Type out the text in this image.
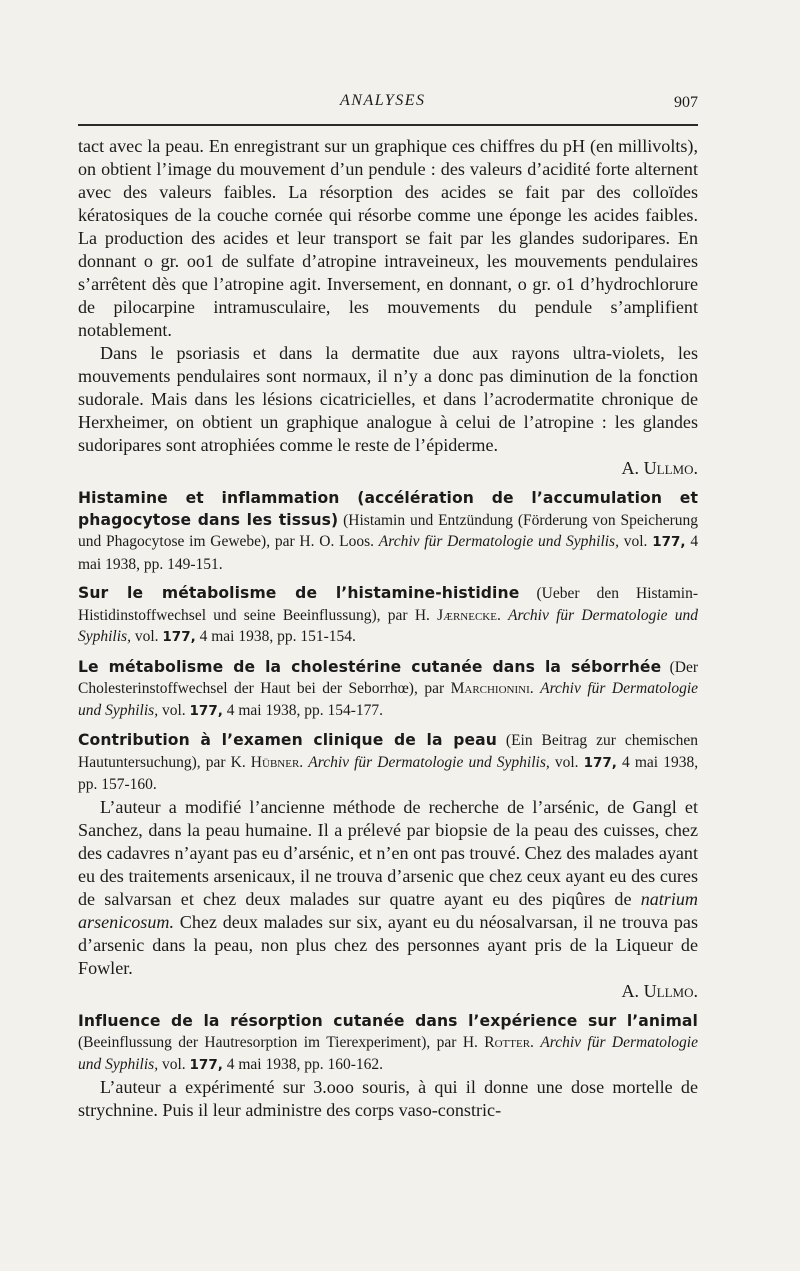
ANALYSES	907

tact avec la peau. En enregistrant sur un graphique ces chiffres du pH (en millivolts), on obtient l’image du mouvement d’un pendule : des valeurs d’acidité forte alternent avec des valeurs faibles. La résorption des acides se fait par des colloïdes kératosiques de la couche cornée qui résorbe comme une éponge les acides faibles. La production des acides et leur transport se fait par les glandes sudoripares. En donnant o gr. oo1 de sulfate d’atropine intraveineux, les mouvements pendulaires s’arrêtent dès que l’atropine agit. Inversement, en donnant, o gr. o1 d’hydrochlorure de pilocarpine intramusculaire, les mouvements du pendule s’amplifient notablement.

Dans le psoriasis et dans la dermatite due aux rayons ultra-violets, les mouvements pendulaires sont normaux, il n’y a donc pas diminution de la fonction sudorale. Mais dans les lésions cicatricielles, et dans l’acrodermatite chronique de Herxheimer, on obtient un graphique analogue à celui de l’atropine : les glandes sudoripares sont atrophiées comme le reste de l’épiderme.

A. Ullmo.

Histamine et inflammation (accélération de l’accumulation et phagocytose dans les tissus) (Histamin und Entzündung (Förderung von Speicherung und Phagocytose im Gewebe), par H. O. Loos. Archiv für Dermatologie und Syphilis, vol. 177, 4 mai 1938, pp. 149-151.

Sur le métabolisme de l’histamine-histidine (Ueber den Histamin-Histidinstoffwechsel und seine Beeinflussung), par H. Jærnecke. Archiv für Dermatologie und Syphilis, vol. 177, 4 mai 1938, pp. 151-154.

Le métabolisme de la cholestérine cutanée dans la séborrhée (Der Cholesterinstoffwechsel der Haut bei der Seborrhœ), par Marchionini. Archiv für Dermatologie und Syphilis, vol. 177, 4 mai 1938, pp. 154-177.

Contribution à l’examen clinique de la peau (Ein Beitrag zur chemischen Hautuntersuchung), par K. Hübner. Archiv für Dermatologie und Syphilis, vol. 177, 4 mai 1938, pp. 157-160.

L’auteur a modifié l’ancienne méthode de recherche de l’arsénic, de Gangl et Sanchez, dans la peau humaine. Il a prélevé par biopsie de la peau des cuisses, chez des cadavres n’ayant pas eu d’arsénic, et n’en ont pas trouvé. Chez des malades ayant eu des traitements arsenicaux, il ne trouva d’arsenic que chez ceux ayant eu des cures de salvarsan et chez deux malades sur quatre ayant eu des piqûres de natrium arsenicosum. Chez deux malades sur six, ayant eu du néosalvarsan, il ne trouva pas d’arsenic dans la peau, non plus chez des personnes ayant pris de la Liqueur de Fowler.

A. Ullmo.

Influence de la résorption cutanée dans l’expérience sur l’animal (Beeinflussung der Hautresorption im Tierexperiment), par H. Rotter. Archiv für Dermatologie und Syphilis, vol. 177, 4 mai 1938, pp. 160-162.

L’auteur a expérimenté sur 3.ooo souris, à qui il donne une dose mortelle de strychnine. Puis il leur administre des corps vaso-constric-
